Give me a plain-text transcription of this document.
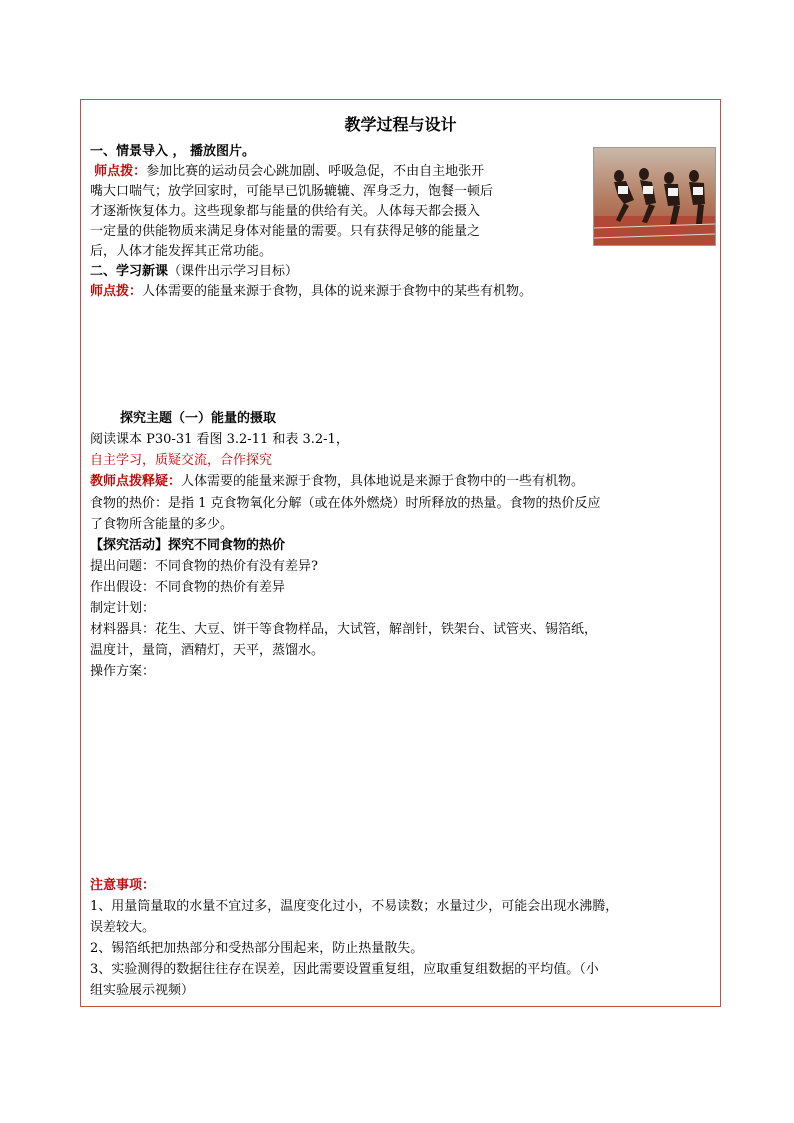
教学过程与设计
一、情景导入 ， 播放图片。
师点拨：参加比赛的运动员会心跳加剧、呼吸急促，不由自主地张开
嘴大口喘气；放学回家时，可能早已饥肠辘辘、浑身乏力，饱餐一顿后
才逐渐恢复体力。这些现象都与能量的供给有关。人体每天都会摄入
一定量的供能物质来满足身体对能量的需要。只有获得足够的能量之
后，人体才能发挥其正常功能。
二、学习新课（课件出示学习目标）
师点拨：人体需要的能量来源于食物，具体的说来源于食物中的某些有机物。
探究主题（一）能量的摄取
阅读课本 P30-31 看图 3.2-11 和表 3.2-1，
自主学习，质疑交流，合作探究
教师点拨释疑：人体需要的能量来源于食物，具体地说是来源于食物中的一些有机物。
食物的热价：是指 1 克食物氧化分解（或在体外燃烧）时所释放的热量。食物的热价反应
了食物所含能量的多少。
【探究活动】探究不同食物的热价
提出问题：不同食物的热价有没有差异?
作出假设：不同食物的热价有差异
制定计划：
材料器具：花生、大豆、饼干等食物样品，大试管，解剖针，铁架台、试管夹、锡箔纸，
温度计，量筒，酒精灯，天平，蒸馏水。
操作方案：
注意事项：
1、用量筒量取的水量不宜过多，温度变化过小，不易读数；水量过少，可能会出现水沸腾，
误差较大。
2、锡箔纸把加热部分和受热部分围起来，防止热量散失。
3、实验测得的数据往往存在误差，因此需要设置重复组，应取重复组数据的平均值。（小
组实验展示视频）
